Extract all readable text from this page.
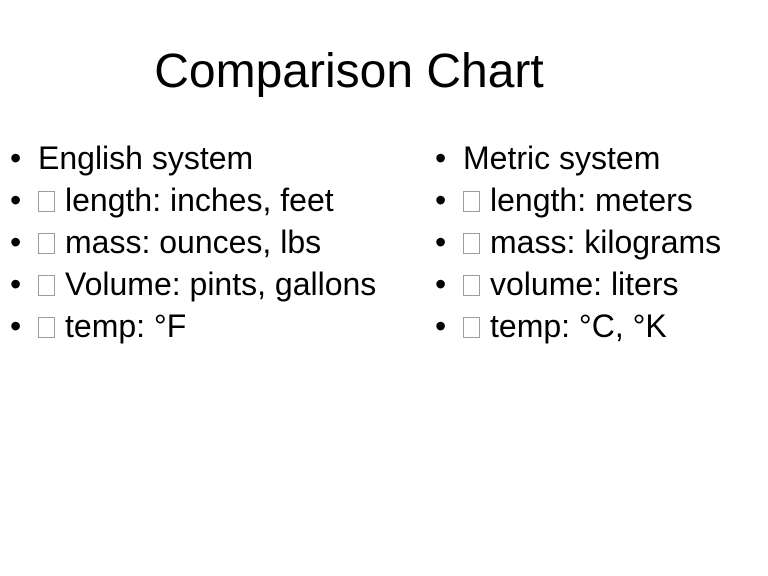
Comparison Chart
• English system
•	length: inches, feet
•	mass: ounces, lbs
•	Volume: pints, gallons
•	temp: °F
• Metric system
•	length: meters
•	mass: kilograms
•	volume: liters
•	temp: °C, °K
